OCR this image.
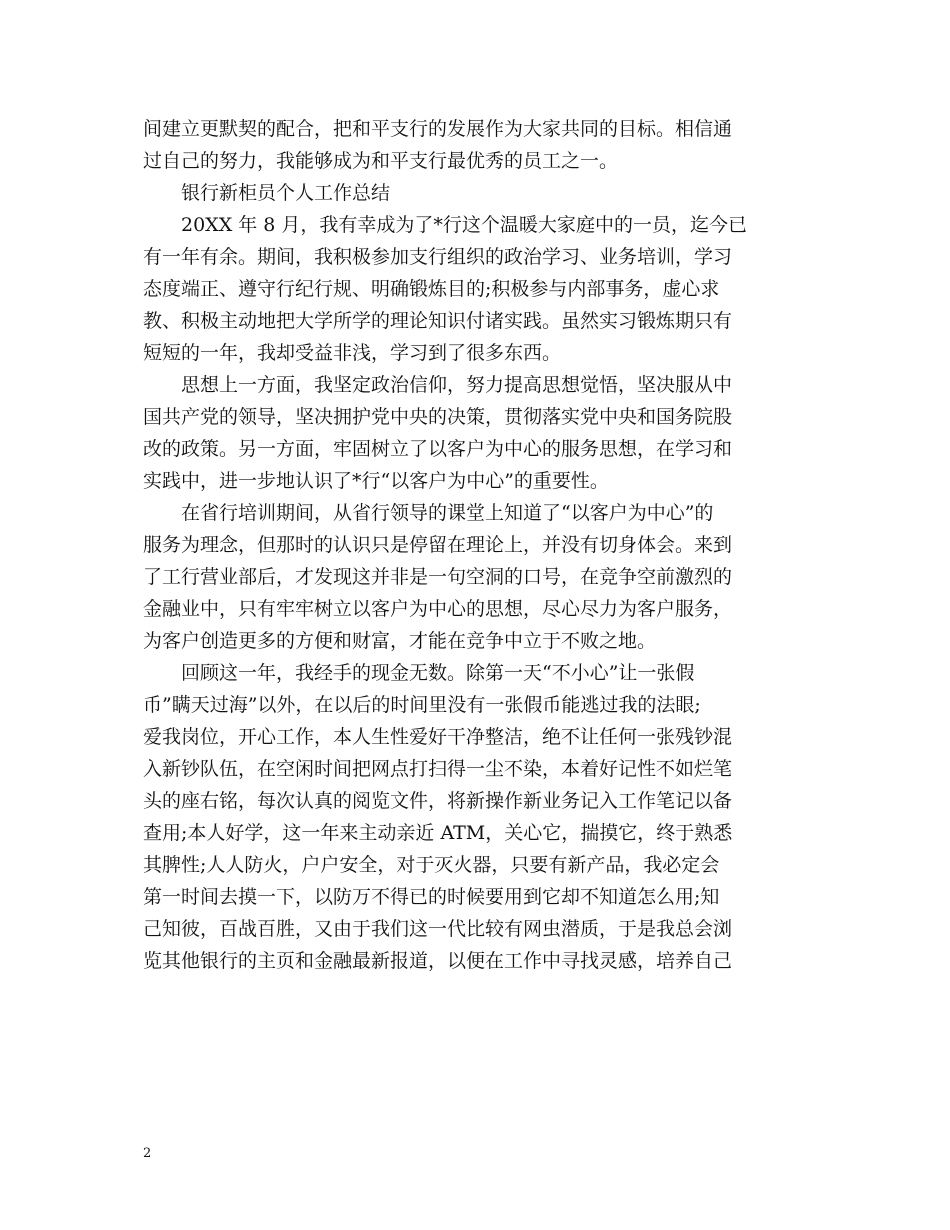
间建立更默契的配合，把和平支行的发展作为大家共同的目标。相信通
过自己的努力，我能够成为和平支行最优秀的员工之一。
银行新柜员个人工作总结
20XX 年 8 月，我有幸成为了*行这个温暖大家庭中的一员，迄今已
有一年有余。期间，我积极参加支行组织的政治学习、业务培训，学习
态度端正、遵守行纪行规、明确锻炼目的;积极参与内部事务，虚心求
教、积极主动地把大学所学的理论知识付诸实践。虽然实习锻炼期只有
短短的一年，我却受益非浅，学习到了很多东西。
思想上一方面，我坚定政治信仰，努力提高思想觉悟，坚决服从中
国共产党的领导，坚决拥护党中央的决策，贯彻落实党中央和国务院股
改的政策。另一方面，牢固树立了以客户为中心的服务思想，在学习和
实践中，进一步地认识了*行“以客户为中心”的重要性。
在省行培训期间，从省行领导的课堂上知道了“以客户为中心”的
服务为理念，但那时的认识只是停留在理论上，并没有切身体会。来到
了工行营业部后，才发现这并非是一句空洞的口号，在竞争空前激烈的
金融业中，只有牢牢树立以客户为中心的思想，尽心尽力为客户服务，
为客户创造更多的方便和财富，才能在竞争中立于不败之地。
回顾这一年，我经手的现金无数。除第一天“不小心”让一张假
币”瞒天过海”以外，在以后的时间里没有一张假币能逃过我的法眼;
爱我岗位，开心工作，本人生性爱好干净整洁，绝不让任何一张残钞混
入新钞队伍，在空闲时间把网点打扫得一尘不染，本着好记性不如烂笔
头的座右铭，每次认真的阅览文件，将新操作新业务记入工作笔记以备
查用;本人好学，这一年来主动亲近 ATM，关心它，揣摸它，终于熟悉
其脾性;人人防火，户户安全，对于灭火器，只要有新产品，我必定会
第一时间去摸一下，以防万不得已的时候要用到它却不知道怎么用;知
己知彼，百战百胜，又由于我们这一代比较有网虫潜质，于是我总会浏
览其他银行的主页和金融最新报道，以便在工作中寻找灵感，培养自己
2
